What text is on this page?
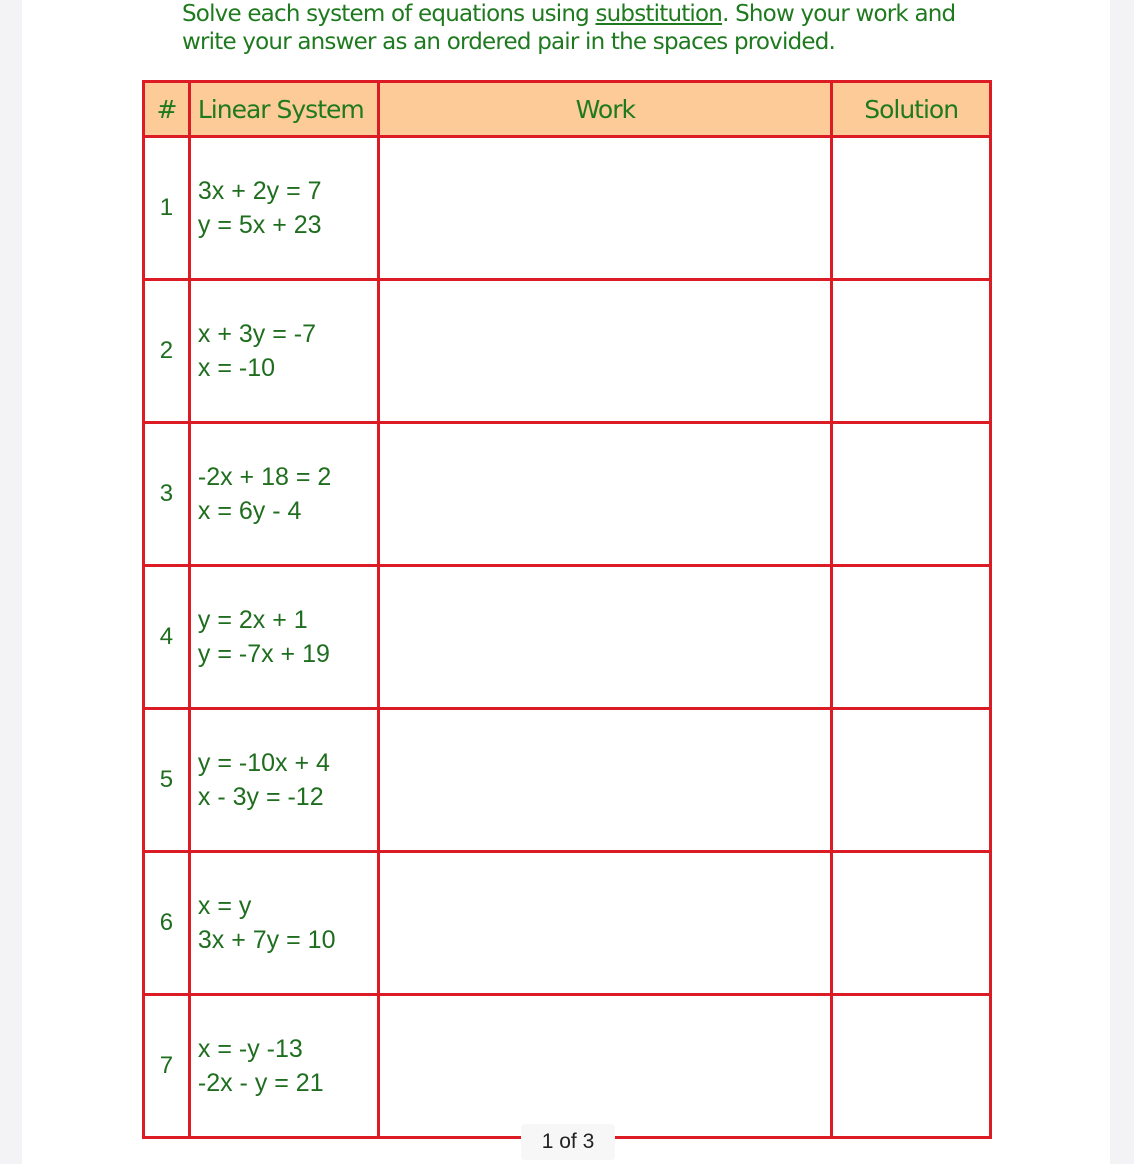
Solve each system of equations using substitution. Show your work and
write your answer as an ordered pair in the spaces provided.
#	Linear System	Work	Solution
1	3x + 2y = 7
y = 5x + 23		

2	x + 3y = -7
x = -10		

3	-2x + 18 = 2
x = 6y - 4		

4	y = 2x + 1
y = -7x + 19		

5	y = -10x + 4
x - 3y = -12		

6	x = y
3x + 7y = 10		

7	x = -y -13
-2x - y = 21		

1 of 3
